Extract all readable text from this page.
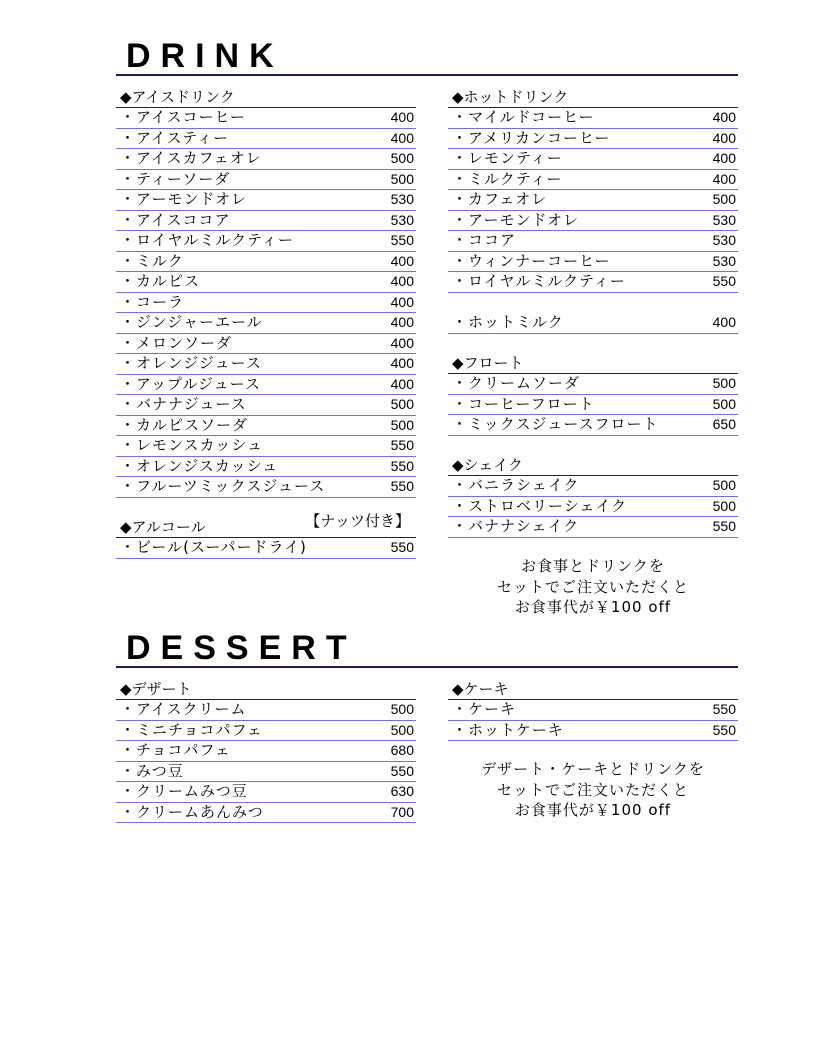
DRINK
◆アイスドリンク
・アイスコーヒー	400
・アイスティー	400
・アイスカフェオレ	500
・ティーソーダ	500
・アーモンドオレ	530
・アイスココア	530
・ロイヤルミルクティー	550
・ミルク	400
・カルピス	400
・コーラ	400
・ジンジャーエール	400
・メロンソーダ	400
・オレンジジュース	400
・アップルジュース	400
・バナナジュース	500
・カルピスソーダ	500
・レモンスカッシュ	550
・オレンジスカッシュ	550
・フルーツミックスジュース	550
◆アルコール	【ナッツ付き】
・ビール(スーパードライ)	550
◆ホットドリンク
・マイルドコーヒー	400
・アメリカンコーヒー	400
・レモンティー	400
・ミルクティー	400
・カフェオレ	500
・アーモンドオレ	530
・ココア	530
・ウィンナーコーヒー	530
・ロイヤルミルクティー	550
・ホットミルク	400
◆フロート
・クリームソーダ	500
・コーヒーフロート	500
・ミックスジュースフロート	650
◆シェイク
・バニラシェイク	500
・ストロベリーシェイク	500
・バナナシェイク	550
お食事とドリンクを
セットでご注文いただくと
お食事代が￥100 off
DESSERT
◆デザート
・アイスクリーム	500
・ミニチョコパフェ	500
・チョコパフェ	680
・みつ豆	550
・クリームみつ豆	630
・クリームあんみつ	700
◆ケーキ
・ケーキ	550
・ホットケーキ	550
デザート・ケーキとドリンクを
セットでご注文いただくと
お食事代が￥100 off
